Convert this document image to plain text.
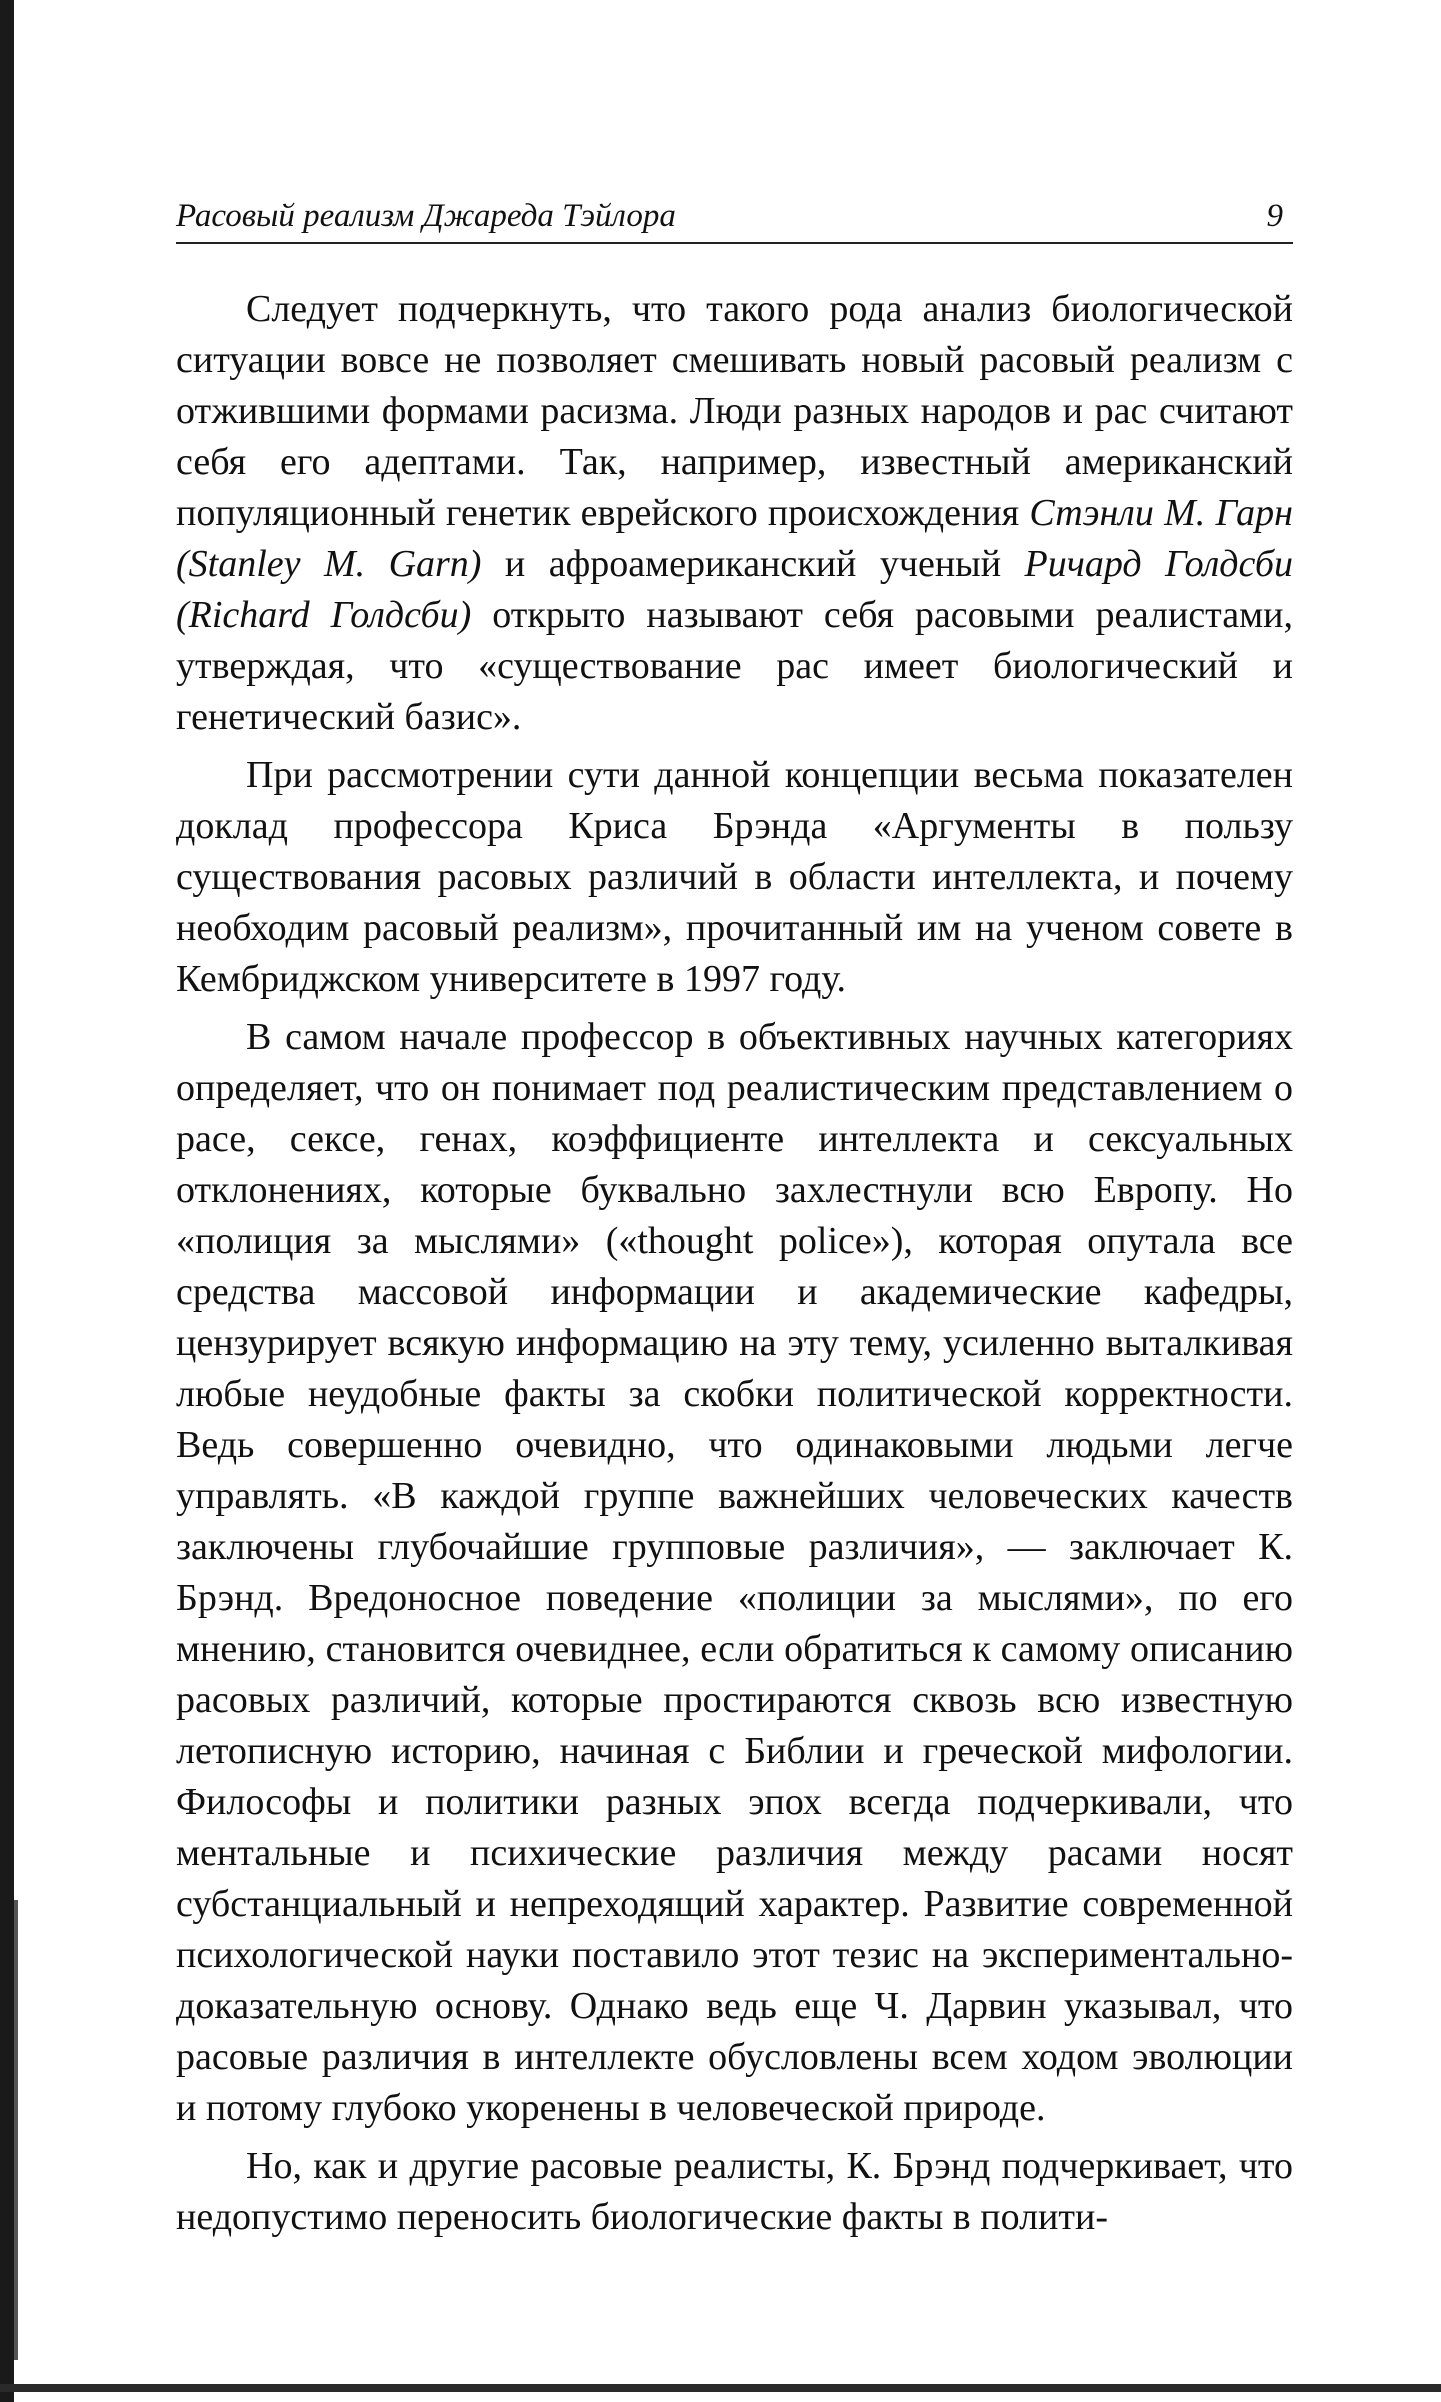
Расовый реализм Джареда Тэйлора	9

Следует подчеркнуть, что такого рода анализ биологической ситуации вовсе не позволяет смешивать новый расовый реализм с отжившими формами расизма. Люди разных народов и рас считают себя его адептами. Так, например, известный американский популяционный генетик еврейского происхождения Стэнли М. Гарн (Stanley М. Garn) и афроамериканский ученый Ричард Голдсби (Richard Голдсби) открыто называют себя расовыми реалистами, утверждая, что «существование рас имеет биологический и генетический базис».

При рассмотрении сути данной концепции весьма показателен доклад профессора Криса Брэнда «Аргументы в пользу существования расовых различий в области интеллекта, и почему необходим расовый реализм», прочитанный им на ученом совете в Кембриджском университете в 1997 году.

В самом начале профессор в объективных научных категориях определяет, что он понимает под реалистическим представлением о расе, сексе, генах, коэффициенте интеллекта и сексуальных отклонениях, которые буквально захлестнули всю Европу. Но «полиция за мыслями» («thought police»), которая опутала все средства массовой информации и академические кафедры, цензурирует всякую информацию на эту тему, усиленно выталкивая любые неудобные факты за скобки политической корректности. Ведь совершенно очевидно, что одинаковыми людьми легче управлять. «В каждой группе важнейших человеческих качеств заключены глубочайшие групповые различия», — заключает К. Брэнд. Вредоносное поведение «полиции за мыслями», по его мнению, становится очевиднее, если обратиться к самому описанию расовых различий, которые простираются сквозь всю известную летописную историю, начиная с Библии и греческой мифологии. Философы и политики разных эпох всегда подчеркивали, что ментальные и психические различия между расами носят субстанциальный и непреходящий характер. Развитие современной психологической науки поставило этот тезис на экспериментально-доказательную основу. Однако ведь еще Ч. Дарвин указывал, что расовые различия в интеллекте обусловлены всем ходом эволюции и потому глубоко укоренены в человеческой природе.

Но, как и другие расовые реалисты, К. Брэнд подчеркивает, что недопустимо переносить биологические факты в полити-
